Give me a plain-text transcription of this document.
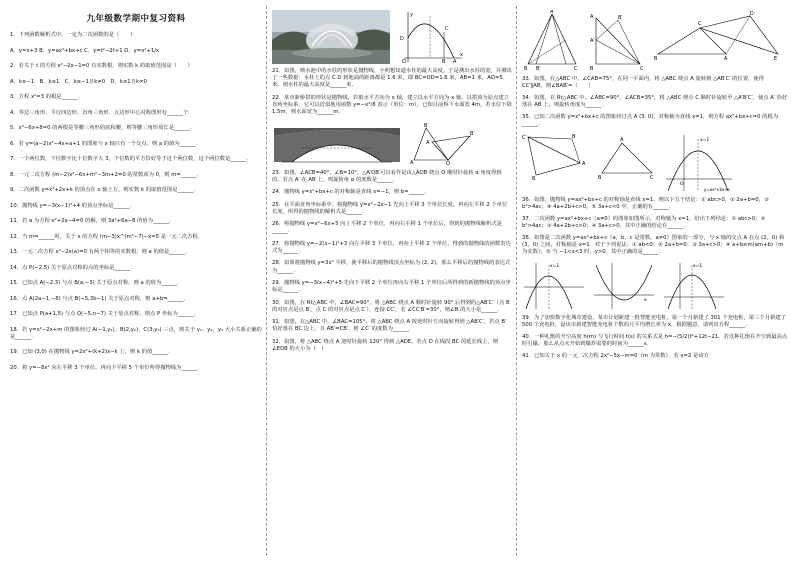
九年级数学期中复习资料

1．下列函数解析式中，一定为二次函数的是（　　）

A．y=x+3 B．y=ax²+bx+c C．y=t²−2t+1 D．y=x²+1/x

2．若关于 t 的方程 x²−2x−1=0 有实数根，则实数 k 的取值范围是（　　）

A．k≥−1　B．k≤1　C．k≥−1且k≠0　D．k≤1且k≠0

3．方程 x²=3 的根是______．

4．等边三角形、平行四边形、直角三角形、五边形中心对称图形有______个．

5．x²−6x+8=0 的两根是等腰三角形的底和腰，则等腰三角形周长是______．

6．若 y=(a−2)x²−4x+a+1 的图象与 x 轴只有一个交点，则 a 的值为______．

7．一个两位数，个位数字比十位数字大 3，个位数的平方恰好等于这个两位数，这个两位数是______．

8．一元二次方程 (m−2)x²−6x+m²−3m+2=0 的常数项为 0，则 m=______．

9．二次函数 y=x²+2x+k 的顶点在 x 轴上方，则实数 k 的取值范围是______．

10．抛物线 y=−3(x−1)²+4 的顶点坐标是______．

11．若 a 为方程 x²+2x−4=0 的解，则 3a²+6a−8 的值为______．

12．当 m=______时，关于 x 的方程 (m−3)x^(m²−7)−x=5 是一元二次方程．

13．一元二次方程 x²−2x(a)=0 有两个相等的实数根，则 a 的值是______．

14．点 P(−2,5) 关于原点对称的点的坐标是______．

15．已知点 A(−2,3) 与点 B(a,−3) 关于原点对称，则 a 的值为______．

16．点 A(2a−1,−8) 与点 B(−5,3b−1) 关于原点对称，则 a+b=______．

17．已知点 P(a+1,5) 与点 Q(−5,n−7) 关于原点对称，则点 P 坐标为______．

18．若 y=x²−2x+m 的图象经过 A(−1,y₁)、B(2,y₂)、C(3,y₃) 三点，则关于 y₁、y₂、y₃ 大小关系正确的是______．

19．已知 (3,0) 在抛物线 y=2x²+(k+2)x−k 上，则 k 的值______．

20．将 y=−8x² 向左平移 3 个单位，再向下平移 5 个单位所得抛物线为______．

D
O	B A
C
x
y

21．如图，喷水池中的水柱的形状是抛物线，小明想知道水柱的最大高度，于是测出水柱的宽，并测出了一些数据：水柱上的点 C D 到地面的距离都是 1.6 米，即 BC=OD=1.6 米，AB=1 米，AO=5 米，则水柱的最大高度是______米．

22．某市新桥拱的形状是抛物线，若取水平方向为 x 轴，建立以水平方向为 x 轴，以拱顶为原点建立直角坐标系，它可以近似地用函数 y=−x²/8 表示（单位：m），已知目前桥下水面宽 4m，若水位下降 1.5m，则水面宽为______m．

A	O
B
B′
A′

23．如图，∠ACB=40°，∠B=10°，△A′OB′可以看作是由△AOB 绕点 O 顺时针旋转 α 角度得到的，若点 A′ 在 AB 上，则旋转角 α 的度数是______．

24．抛物线 y=x²+bx+c 的对称轴是直线 x=−1，则 b=______．

25．在平面直角坐标系中，将抛物线 y=x²−2x−1 先向上平移 3 个单位长度，再向左平移 2 个单位长度，所得的抛物线的解析式是______．

26．将抛物线 y=x²−6x+5 向上平移 2 个单位，再向右平移 1 个单位后，得到的抛物线解析式是______．

27．将抛物线 y=−2(x−1)²+3 向左平移 3 个单位，再向上平移 2 个单位，得到的抛物线的函数表达式为______．

28．如果将抛物线 y=3x² 平移，使平移后的抛物线顶点坐标为 (2, 2)，那么平移后的抛物线的表达式为______．

29．抛物线 y=−3(x−4)²+5 先向下平移 2 个单位再向右平移 1 个单位后所得到的新抛物线的顶点坐标是______．

30．如图，在 Rt△ABC 中，∠BAC=90°，将 △ABC 绕点 A 顺时针旋转 90° 后得到的△AB′C′（点 B 的对应点是点 B′，点 C 的对应点是点 C′），连接 CC′，若 ∠CC′B′=30°，则∠B 的大小是______．

31．如图，在△ABC 中，∠BAC=105°，将 △ABC 绕点 A 按逆时针方向旋转得到 △AB′C′，若点 B′ 恰好落在 BC 边上，且 AB′=CB′，则 ∠C′ 的度数为______．

32．如图，将 △ABC 绕点 A 逆时针旋转 120° 得到 △ADE，若点 D 在线段 BC 的延长线上，则 ∠EDB 的大小为（　）

A
B B′	C
A
B	C
A′
B′
B
C
A
D
E

33．如图，在△ABC 中，∠CAB=75°，在同一平面内，将 △ABC 绕点 A 旋转到 △AB′C′ 的位置，使得 CC′∥AB，则∠BAB′=（　　）

34．如图，在 Rt△ABC 中，∠ABC=90°，∠ACB=35°，将 △ABC 绕点 C 顺时针旋转至 △A′B′C′，使点 A′ 恰好落在 AB 上，则旋转角度为______．

35．已知二次函数 y=x²+bx+c 的图象经过点 A (3, 0)，对称轴为直线 x=1，则方程 ax²+bx+c=0 的根为______．

C′
B
A
B′
B	C
A	x=1
O
y=ax²+bx+c

36．如图，抛物线 y=ax²+bx+c 的对称轴是直线 x=1，则以下五个结论：① abc>0，② 2a+b=0，③ b²>4ac，④ 4a+2b+c>0，⑤ 3a+c<0 中，正确的有______．

37．二次函数 y=ax²+bx+c（a≠0）的图象如图所示，对称轴为 x=1，给出下列结论：① abc>0；② b²>4ac；③ 4a+2b+c>0；④ 3a+c>0，其中正确的结论有______．

38．如图是二次函数 y=ax²+bx+c（a，b，c 是常数，a≠0）图象的一部分，与 x 轴的交点 A 在点 (2，0) 和 (3，0) 之间，对称轴是 x=1．对于下列说法：① ab<0；② 2a+b=0；③ 3a+c>0；④ a+b≥m(am+b)（m 为实数）；⑤ 当 −1<x<3 时，y>0，其中正确的是______．

x=1
x
x=1

39．为了加快数字化城市建设，某市计划新建一批智能充电桩，第一个月新建了 301 个充电桩，第三个月新建了 500 个充电桩，设该市新建智能充电桩个数的月平均增长率为 x，根据题意，请列出方程______．

40．一种礼炮的升空高度 h(m) 与飞行时间 t(s) 的关系式是 h=−(5/2)t²+12t−21．若这种礼炮在升空到最高点时引爆，那么从点火开始到爆炸需要的时间为______s．

41．已知关于 x 的一元二次方程 2x²−5x−m=0（m 为常数）．若 x=2 是该方
